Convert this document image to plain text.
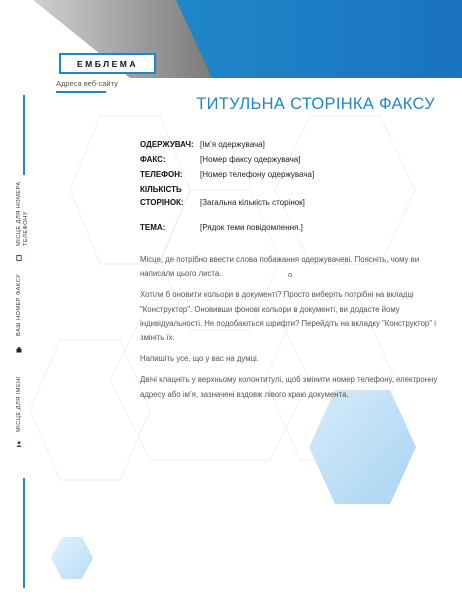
ЕМБЛЕМА
Адреса веб-сайту
ТИТУЛЬНА СТОРІНКА ФАКСУ
ОДЕРЖУВАЧ: [Ім’я одержувача]
ФАКС:	[Номер факсу одержувача]
ТЕЛЕФОН: [Номер телефону одержувача]
КІЛЬКІСТЬ
СТОРІНОК: [Загальна кількість сторінок]
ТЕМА:	[Рядок теми повідомлення.]

Місце, де потрібно ввести слова побажання одержувачеві. Поясніть, чому ви написали цього листа.

Хотіли б оновити кольори в документі? Просто виберіть потрібні на вкладці "Конструктор". Оновивши фонові кольори в документі, ви додасте йому індивідуальності. Не подобаються шрифти? Перейдіть на вкладку "Конструктор" і змініть їх.

Напишіть усе, що у вас на думці.

Двічі клацніть у верхньому колонтитулі, щоб змінити номер телефону, електронну адресу або ім’я, зазначені вздовж лівого краю документа.

о
МІСЦЕ ДЛЯ НОМЕРА ТЕЛЕФОНУ
ВАШ НОМЕР ФАКСУ
МІСЦЕ ДЛЯ ІМЕНІ
